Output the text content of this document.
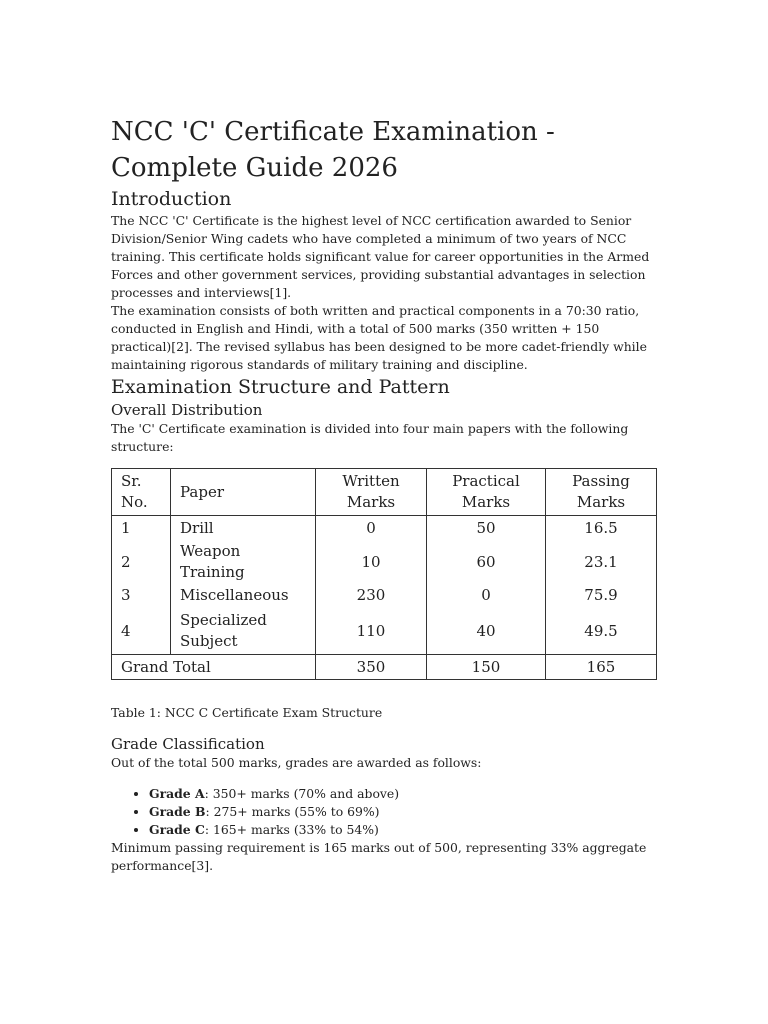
NCC 'C' Certificate Examination - Complete Guide 2026
Introduction

The NCC 'C' Certificate is the highest level of NCC certification awarded to Senior Division/Senior Wing cadets who have completed a minimum of two years of NCC training. This certificate holds significant value for career opportunities in the Armed Forces and other government services, providing substantial advantages in selection processes and interviews[1].

The examination consists of both written and practical components in a 70:30 ratio, conducted in English and Hindi, with a total of 500 marks (350 written + 150 practical)[2]. The revised syllabus has been designed to be more cadet-friendly while maintaining rigorous standards of military training and discipline.

Examination Structure and Pattern
Overall Distribution

The 'C' Certificate examination is divided into four main papers with the following structure:

Sr. No.	Paper	Written Marks	Practical Marks	Passing Marks
1	Drill	0	50	16.5
2	Weapon Training	10	60	23.1
3	Miscellaneous	230	0	75.9
4	Specialized Subject	110	40	49.5
Grand Total		350	150	165

Table 1: NCC C Certificate Exam Structure

Grade Classification

Out of the total 500 marks, grades are awarded as follows:

• Grade A: 350+ marks (70% and above)
• Grade B: 275+ marks (55% to 69%)
• Grade C: 165+ marks (33% to 54%)

Minimum passing requirement is 165 marks out of 500, representing 33% aggregate performance[3].
